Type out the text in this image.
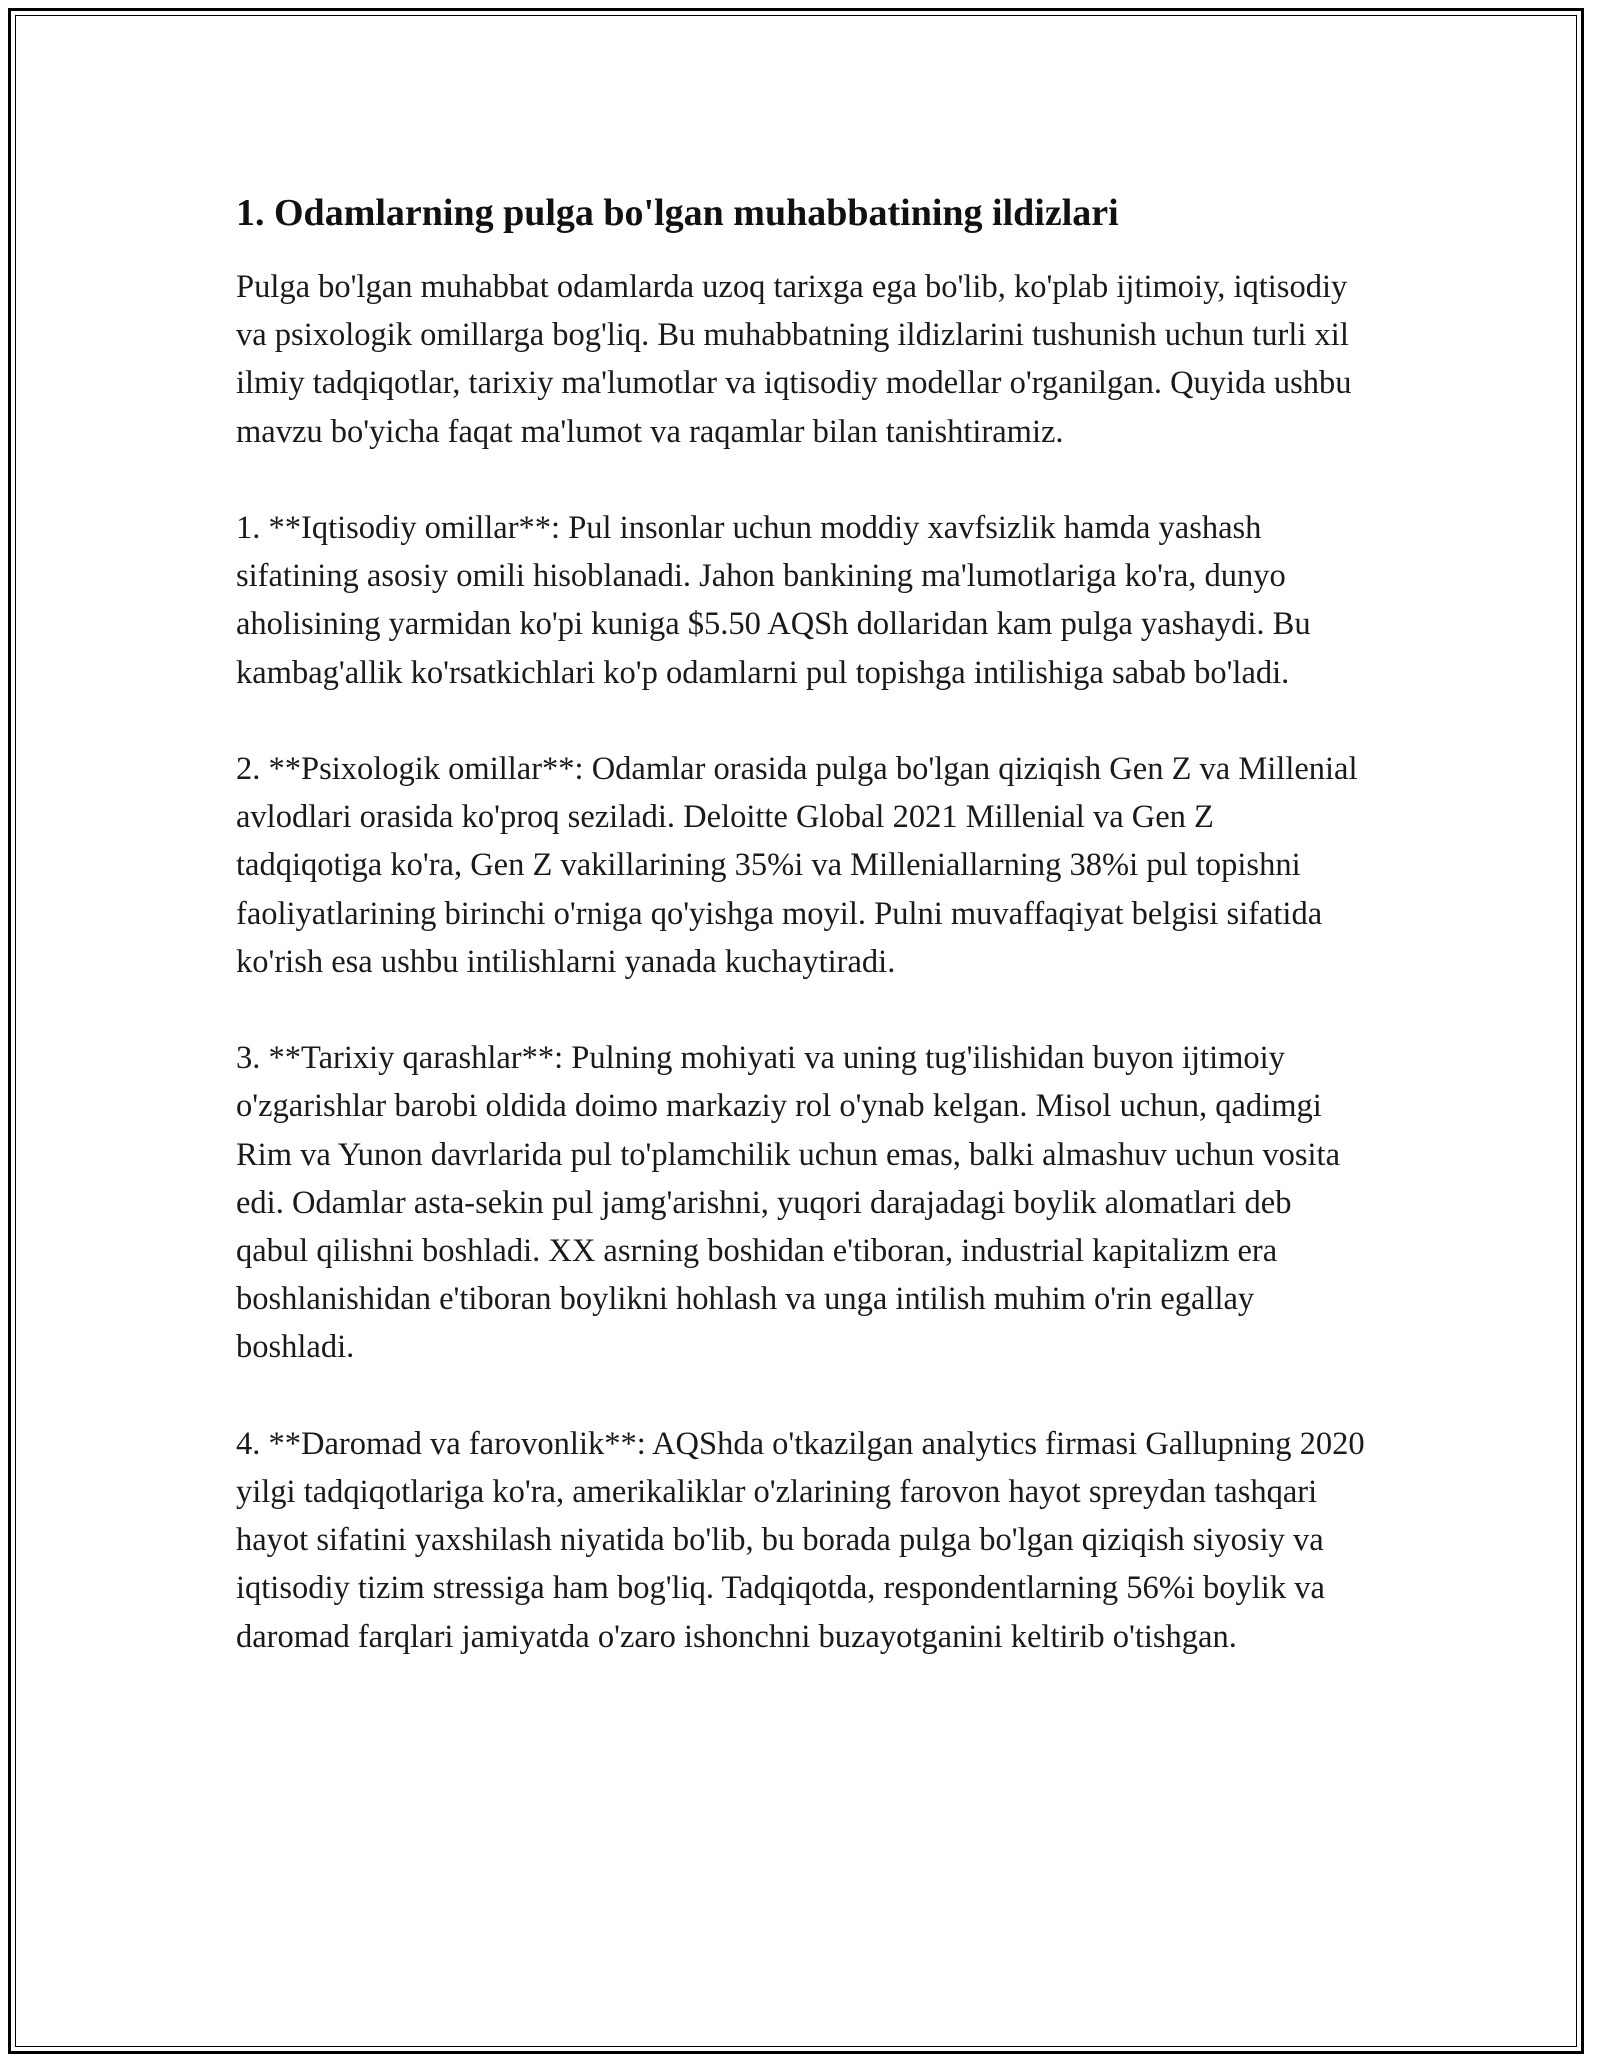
1. Odamlarning pulga bo'lgan muhabbatining ildizlari

Pulga bo'lgan muhabbat odamlarda uzoq tarixga ega bo'lib, ko'plab ijtimoiy, iqtisodiy va psixologik omillarga bog'liq. Bu muhabbatning ildizlarini tushunish uchun turli xil ilmiy tadqiqotlar, tarixiy ma'lumotlar va iqtisodiy modellar o'rganilgan. Quyida ushbu mavzu bo'yicha faqat ma'lumot va raqamlar bilan tanishtiramiz.

1. **Iqtisodiy omillar**: Pul insonlar uchun moddiy xavfsizlik hamda yashash sifatining asosiy omili hisoblanadi. Jahon bankining ma'lumotlariga ko'ra, dunyo aholisining yarmidan ko'pi kuniga $5.50 AQSh dollaridan kam pulga yashaydi. Bu kambag'allik ko'rsatkichlari ko'p odamlarni pul topishga intilishiga sabab bo'ladi.

2. **Psixologik omillar**: Odamlar orasida pulga bo'lgan qiziqish Gen Z va Millenial avlodlari orasida ko'proq seziladi. Deloitte Global 2021 Millenial va Gen Z tadqiqotiga ko'ra, Gen Z vakillarining 35%i va Milleniallarning 38%i pul topishni faoliyatlarining birinchi o'rniga qo'yishga moyil. Pulni muvaffaqiyat belgisi sifatida ko'rish esa ushbu intilishlarni yanada kuchaytiradi.

3. **Tarixiy qarashlar**: Pulning mohiyati va uning tug'ilishidan buyon ijtimoiy o'zgarishlar barobi oldida doimo markaziy rol o'ynab kelgan. Misol uchun, qadimgi Rim va Yunon davrlarida pul to'plamchilik uchun emas, balki almashuv uchun vosita edi. Odamlar asta-sekin pul jamg'arishni, yuqori darajadagi boylik alomatlari deb qabul qilishni boshladi. XX asrning boshidan e'tiboran, industrial kapitalizm era boshlanishidan e'tiboran boylikni hohlash va unga intilish muhim o'rin egallay boshladi.

4. **Daromad va farovonlik**: AQShda o'tkazilgan analytics firmasi Gallupning 2020 yilgi tadqiqotlariga ko'ra, amerikaliklar o'zlarining farovon hayot spreydan tashqari hayot sifatini yaxshilash niyatida bo'lib, bu borada pulga bo'lgan qiziqish siyosiy va iqtisodiy tizim stressiga ham bog'liq. Tadqiqotda, respondentlarning 56%i boylik va daromad farqlari jamiyatda o'zaro ishonchni buzayotganini keltirib o'tishgan.
